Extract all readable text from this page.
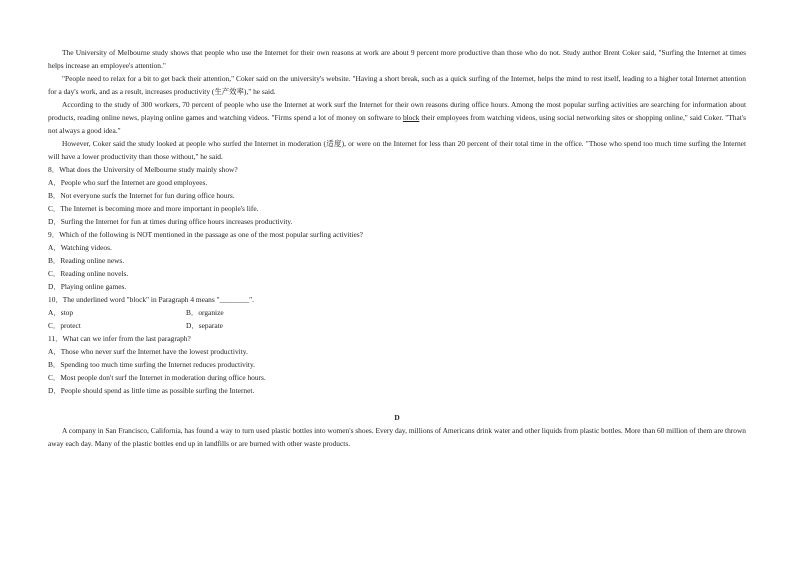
The University of Melbourne study shows that people who use the Internet for their own reasons at work are about 9 percent more productive than those who do not. Study author Brent Coker said, "Surfing the Internet at times helps increase an employee's attention."

"People need to relax for a bit to get back their attention," Coker said on the university's website. "Having a short break, such as a quick surfing of the Internet, helps the mind to rest itself, leading to a higher total Internet attention for a day's work, and as a result, increases productivity (生产效率)," he said.

According to the study of 300 workers, 70 percent of people who use the Internet at work surf the Internet for their own reasons during office hours. Among the most popular surfing activities are searching for information about products, reading online news, playing online games and watching videos. "Firms spend a lot of money on software to block their employees from watching videos, using social networking sites or shopping online," said Coker. "That's not always a good idea."

However, Coker said the study looked at people who surfed the Internet in moderation (适度), or were on the Internet for less than 20 percent of their total time in the office. "Those who spend too much time surfing the Internet will have a lower productivity than those without," he said.

8．What does the University of Melbourne study mainly show?

A．People who surf the Internet are good employees.

B．Not everyone surfs the Internet for fun during office hours.

C．The Internet is becoming more and more important in people's life.

D．Surfing the Internet for fun at times during office hours increases productivity.

9．Which of the following is NOT mentioned in the passage as one of the most popular surfing activities?

A．Watching videos.

B．Reading online news.

C．Reading online novels.

D．Playing online games.

10．The underlined word "block" in Paragraph 4 means "________".

A．stop	B．organize
C．protect	D．separate

11．What can we infer from the last paragraph?

A．Those who never surf the Internet have the lowest productivity.

B．Spending too much time surfing the Internet reduces productivity.

C．Most people don't surf the Internet in moderation during office hours.

D．People should spend as little time as possible surfing the Internet.

D

A company in San Francisco, California, has found a way to turn used plastic bottles into women's shoes. Every day, millions of Americans drink water and other liquids from plastic bottles. More than 60 million of them are thrown away each day. Many of the plastic bottles end up in landfills or are burned with other waste products.
